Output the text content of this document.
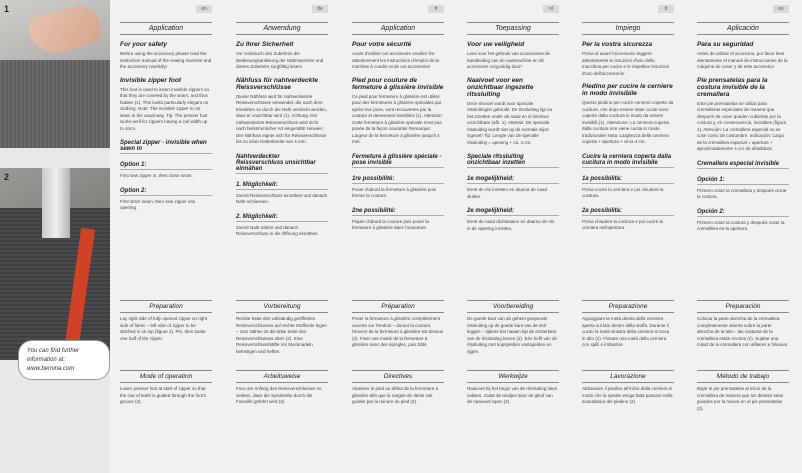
1
2
You can find further information at: www.bernina.com
en
Application
For your safety
Before using the accessory please read the instruction manual of the sewing machine and the accessory carefully!
Invisible zipper foot
This foot is used to insert invisible zippers so that they are covered by the seam, and thus hidden (1). This looks particularly elegant on clothing. Note: The invisible zipper is not sewn in the usual way. Tip: The presser foot works well for zippers having a coil width up to 4mm.
Special zipper - invisible when sewn in
Option 1:
First sew zipper in, then close seam.
Option 2:
First stitch seam, then sew zipper into opening.
Preparation
Lay right side of fully opened zipper on right side of fabric – left side of zipper to be stitched is on top (figure 2). Pin, then baste one half of the zipper.
Mode of operation
Lower presser foot at start of zipper so that the row of teeth is guided through the foot's groove (2).
de
Anwendung
Zu Ihrer Sicherheit
Vor Gebrauch des Zubehörs die Bedienungsanleitung der Nähmaschine und dieses Zubehörs sorgfältig lesen!
Nähfuss für nahtverdeckte Reissverschlüsse
Dieser Nähfuss wird für nahtverdeckte Reissverschlüsse verwendet, die nach dem Einnähen so durch die Naht verdeckt werden, dass er unsichtbar wird (1). Achtung: Der nahtverdeckte Reissverschluss wird nicht nach herkömmlicher Art eingenäht! Hinweis: Der Nähfuss eignet sich für Reissverschlüsse bis zu einer Kettenbreite von 4 mm.
Nahtverdeckter Reissverschluss unsichtbar einnähen
1. Möglichkeit:
Zuerst Reissverschluss einnähen und danach Naht schliessen.
2. Möglichkeit:
Zuerst Naht nähen und danach Reissverschluss in die Öffnung einnähen.
Vorbereitung
Rechte Seite des vollständig geöffneten Reissverschlusses auf rechte Stoffseite legen – zum Nähen ist die linke Seite des Reissverschlusses oben (2). Eine Reissverschlusshälfte mit Stecknadeln befestigen und heften.
Arbeitsweise
Fuss am Anfang des Reissverschlusses so senken, dass die Spiralreihe durch die Fussrille geführt wird (2).
fr
Application
Pour votre sécurité
Avant d'utiliser cet accessoire veuillez lire attentivement les instructions d'emploi de la machine à coudre et de cet accessoire!
Pied pour couture de fermeture à glissière invisible
Ce pied pour fermeture à glissière est utilisé pour des fermetures à glissière spéciales qui, après leur pose, sont recouvertes par la couture et deviennent invisibles (1). Attention: Cette fermeture à glissière spéciale n'est pas posée de la façon courante! Remarque: Largeur de la fermeture à glissière jusqu'à 4 mm.
Fermeture à glissière spéciale - pose invisible
1re possibilité:
Poser d'abord la fermeture à glissière puis fermer la couture.
2ne possibilité:
Piquer d'abord la couture puis poser la fermeture à glissière dans l'ouverture.
Préparation
Poser la fermeture à glissière complètement ouverte sur l'endroit – durant la couture, l'envers de la fermeture à glissière est dessus (2). Fixer une moitié de la fermeture à glissière avec des épingles, puis bâtir.
Directives
Abaisser le pied au début de la fermeture à glissière afin que la rangée de dents soit guidée par la rainure du pied (2).
nl
Toepassing
Voor uw veiligheid
Lees voor het gebruik van accessoires de handleiding van de naaimachine en dit accessoire zorgvuldig door!
Naaivoet voor een onzichtbaar ingezette ritssluiting
Deze ritsvoet wordt voor speciale ritssluitingen gebruikt. De ritssluiting ligt na het inzetten onder de naad en is hierdoor onzichtbaar (afb. 1). Attentie: De speciale ritssluiting wordt niet op de normale wijze ingezet! Tip: Lengte van de speciale ritssluiting = opening + ca. 4 cm.
Speciale ritssluiting onzichtbaar inzetten
1e mogelijkheid:
Eerst de rits inzetten en daarna de naad sluiten.
2e mogelijkheid:
Eerst de naad dichtnaaien en daarna de rits in de opening inzetten.
Voorbereiding
De goede kant van de geheel geopende ritssluiting op de goede kant van de stof leggen – tijdens het naaien ligt de achterkant van de ritssluiting boven (2). Eén helft van de ritssluiting met kopspelden vastspelden en rijgen.
Werkwijze
Naaivoet bij het begin van de ritssluiting laten zakken, zodat de tandjes door de gleuf van de naaivoet lopen (2).
it
Impiego
Per la vostra sicurezza
Prima di usare l'accessorio leggere attentamente le istruzioni d'uso della macchina per cucire e le rispettive istruzioni d'uso dell'accessorio!
Piedino per cucire le cerniere in modo invisibile
Questo piedino per cucire cerniere coperte da cuciture, che dopo essere state cucite sono coperte dalla cucitura in modo da essere invisibili (1). Attenzione: La cerniera coperta dalla cucitura non viene cucita in modo tradizionale! Nota: Larghezza della cerniera coperta + apertura + circa 4 cm.
Cucire la cerniera coperta dalla cucitura in modo invisibile
1a possibilità:
Prima cucire la cerniera e poi chiudere la cucitura.
2a possibilità:
Prima chiudere la cucitura e poi cucire la cerniera nell'apertura.
Preparazione
Appoggiare la metà destra della cerniera aperta sul lato destro della stoffa. Durante il cucito la metà sinistra della cerniera si trova in alto (2). Fissare una metà della cerniera con spilli e imbastire.
Lavorazione
Abbassare il piedino all'inizio della cerniera in modo che la spirale venga fatta passare nella scanalatura del piedino (2).
es
Aplicación
Para su seguridad
Antes de utilizar el accesorio, por favor lean atentamente el manual de instrucciones de la máquina de coser y de este accesorio!
Pie prensatelas para la costura invisible de la cremallera
Este pie prensatelas se utiliza para cremalleras especiales de manera que después de coser queden cubiertas por la costura y, en consecuencia, invisibles (figura 1). Atención: La cremallera especial no se cose como de costumbre. Indicación: Largo de la cremallera especial = apertura + aproximadamente 4 cm de añadidura.
Cremallera especial invisible
Opción 1:
Primero coser la cremallera y después cerrar la costura.
Opción 2:
Primero coser la costura y después coser la cremallera en la apertura.
Preparación
Colocar la parte derecha de la cremallera completamente abierta sobre la parte derecha de la tela – las costuras de la cremallera están encima (2). Sujetar una mitad de la cremallera con alfileres e hilvanar.
Método de trabajo
Bajar el pie prensatelas al inicio de la cremallera de manera que los dientes sean guiados por la ranura en el pie prensatelas (2).
